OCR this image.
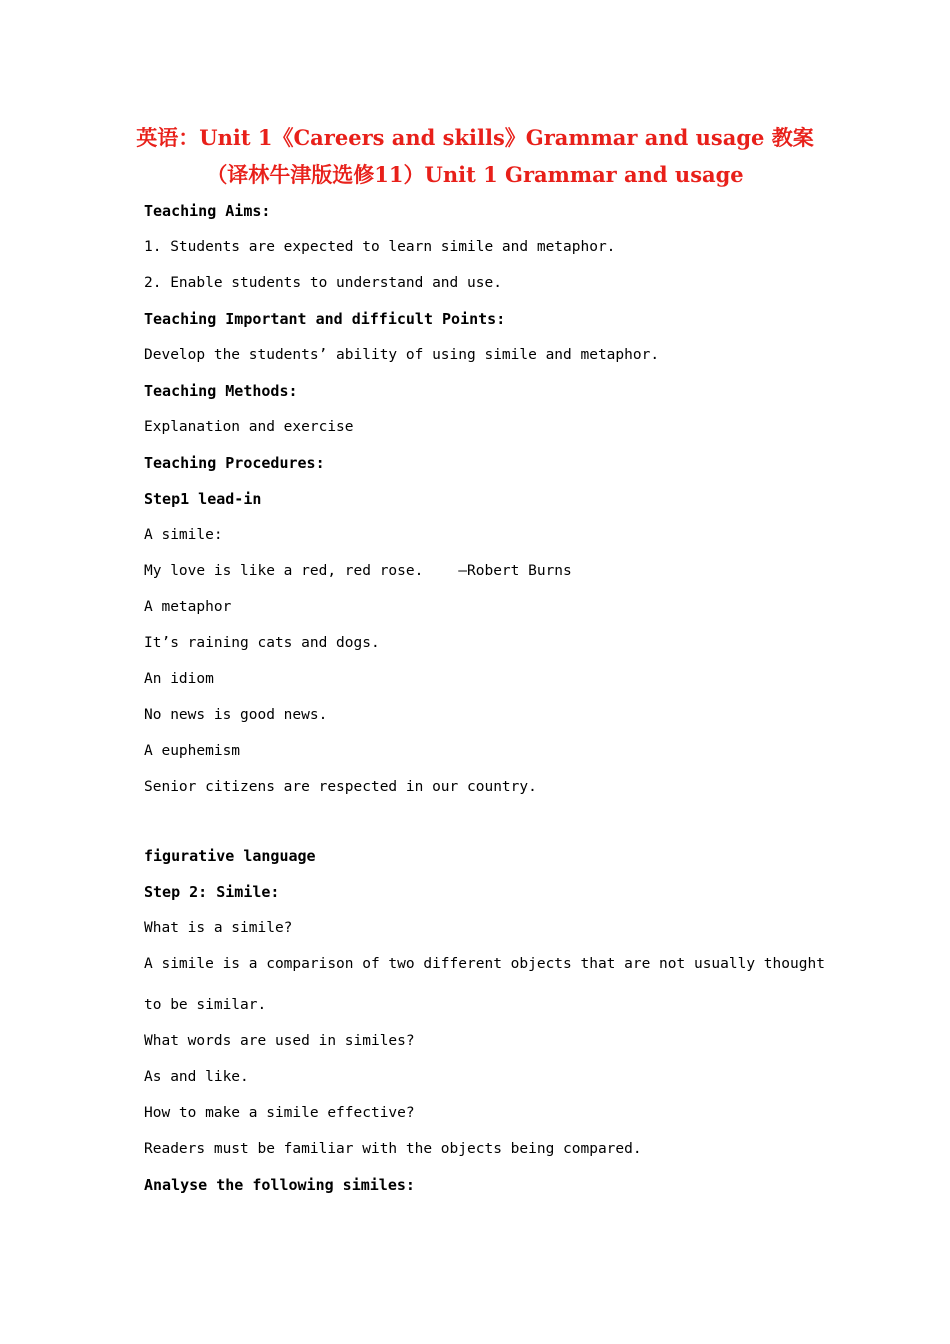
英语：Unit 1《Careers and skills》Grammar and usage 教案
（译林牛津版选修11）Unit 1 Grammar and usage

Teaching Aims:

1. Students are expected to learn simile and metaphor.

2. Enable students to understand and use.

Teaching Important and difficult Points:

Develop the students’ ability of using simile and metaphor.

Teaching Methods:

Explanation and exercise

Teaching Procedures:

Step1 lead-in

A simile:

My love is like a red, red rose.    —Robert Burns

A metaphor

It’s raining cats and dogs.

An idiom

No news is good news.

A euphemism

Senior citizens are respected in our country.

figurative language

Step 2: Simile:

What is a simile?

A simile is a comparison of two different objects that are not usually thought

to be similar.

What words are used in similes?

As and like.

How to make a simile effective?

Readers must be familiar with the objects being compared.

Analyse the following similes:
